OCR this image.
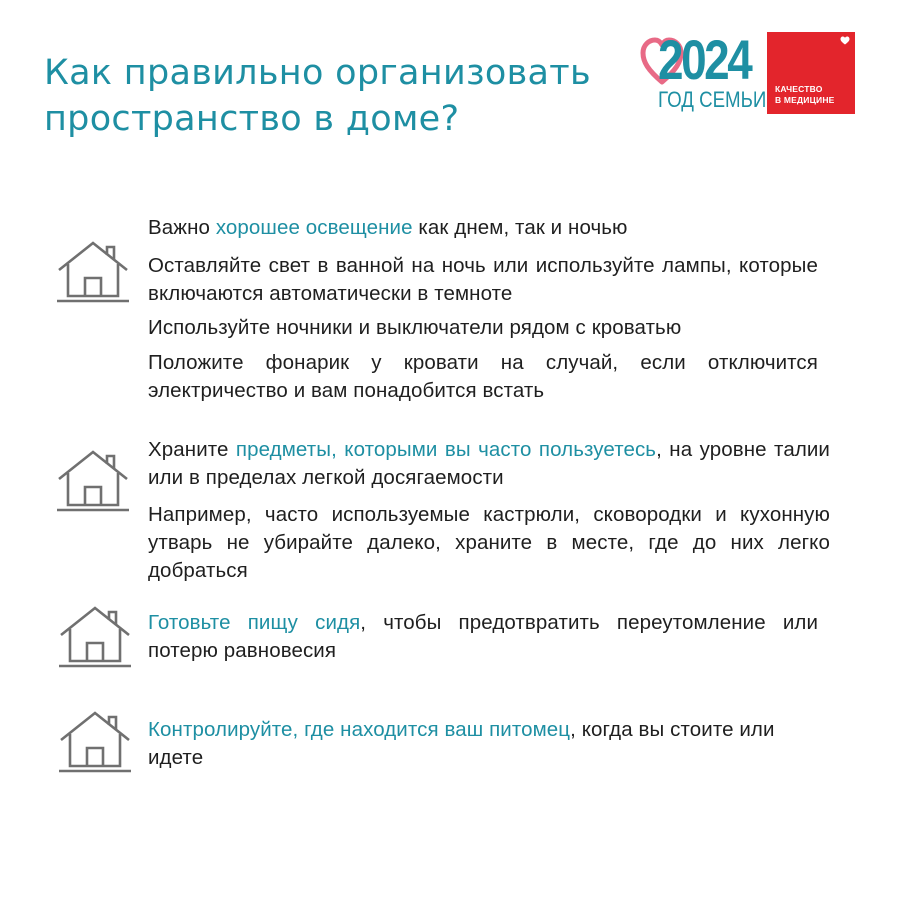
Как правильно организовать
пространство в доме?
2024
ГОД СЕМЬИ КАЧЕСТВО
В МЕДИЦИНЕ

Важно хорошее освещение как днем, так и ночью

Оставляйте свет в ванной на ночь или используйте лампы, которые включаются автоматически в темноте

Используйте ночники и выключатели рядом с кроватью

Положите фонарик у кровати на случай, если отключится электричество и вам понадобится встать

Храните предметы, которыми вы часто пользуетесь, на уровне талии или в пределах легкой досягаемости

Например, часто используемые кастрюли, сковородки и кухонную утварь не убирайте далеко, храните в месте, где до них легко добраться

Готовьте пищу сидя, чтобы предотвратить переутомление или потерю равновесия

Контролируйте, где находится ваш питомец, когда вы стоите или идете
